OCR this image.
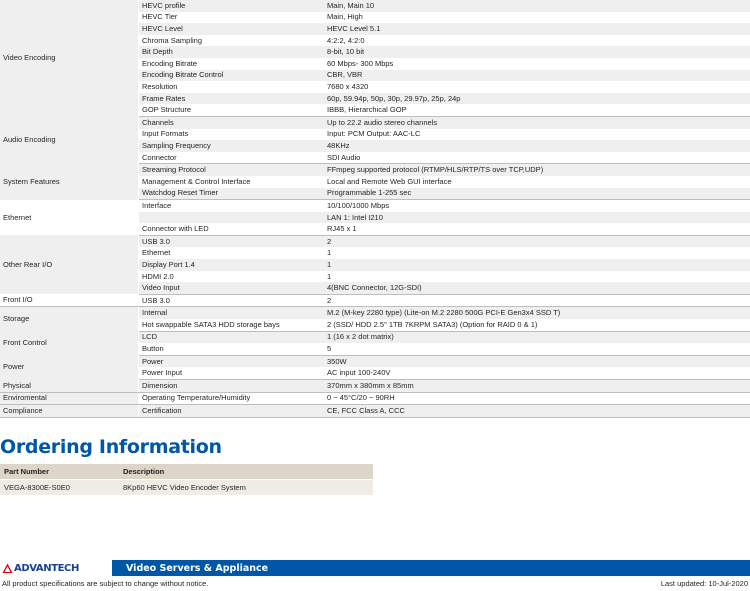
Video Encoding	HEVC profile	Main, Main 10
	HEVC Tier	Main, High
	HEVC Level	HEVC Level 5.1
	Chroma Sampling	4:2:2, 4:2:0
	Bit Depth	8-bit, 10 bit
	Encoding Bitrate	60 Mbps- 300 Mbps
	Encoding Bitrate Control	CBR, VBR
	Resolution	7680 x 4320
	Frame Rates	60p, 59.94p, 50p, 30p, 29.97p, 25p, 24p
	GOP Structure	IBBB, Hierarchical GOP
Audio Encoding	Channels	Up to 22.2 audio stereo channels
	Input Formats	Input: PCM Output: AAC-LC
	Sampling Frequency	48KHz
	Connector	SDI Audio
System Features	Streaming Protocol	FFmpeg supported protocol (RTMP/HLS/RTP/TS over TCP,UDP)
	Management & Control Interface	Local and Remote Web GUI interface
	Watchdog Reset Timer	Programmable 1-255 sec
Ethernet	Interface	10/100/1000 Mbps
		LAN 1: Intel I210
	Connector with LED	RJ45 x 1
Other Rear I/O	USB 3.0	2
	Ethernet	1
	Display Port 1.4	1
	HDMI 2.0	1
	Video Input	4(BNC Connector, 12G-SDI)
Front I/O	USB 3.0	2
Storage	Internal	M.2 (M-key 2280 type) (Lite-on M.2 2280 500G PCI-E Gen3x4 SSD T)
	Hot swappable SATA3 HDD storage bays	2 (SSD/ HDD 2.5" 1TB 7KRPM SATA3) (Option for RAID 0 & 1)
Front Control	LCD	1 (16 x 2 dot matrix)
	Button	5
Power	Power	350W
	Power Input	AC input 100-240V
Physical	Dimension	370mm x 380mm x 85mm
Enviromental	Operating Temperature/Humidity	0 ~ 45°C/20 ~ 90RH
Compliance	Certification	CE, FCC Class A, CCC
Ordering Information
Part Number	Description
VEGA-8300E-S0E0	8Kp60 HEVC Video Encoder System
ADVANTECH	Video Servers & Appliance
All product specifications are subject to change without notice.	Last updated: 10-Jul-2020
